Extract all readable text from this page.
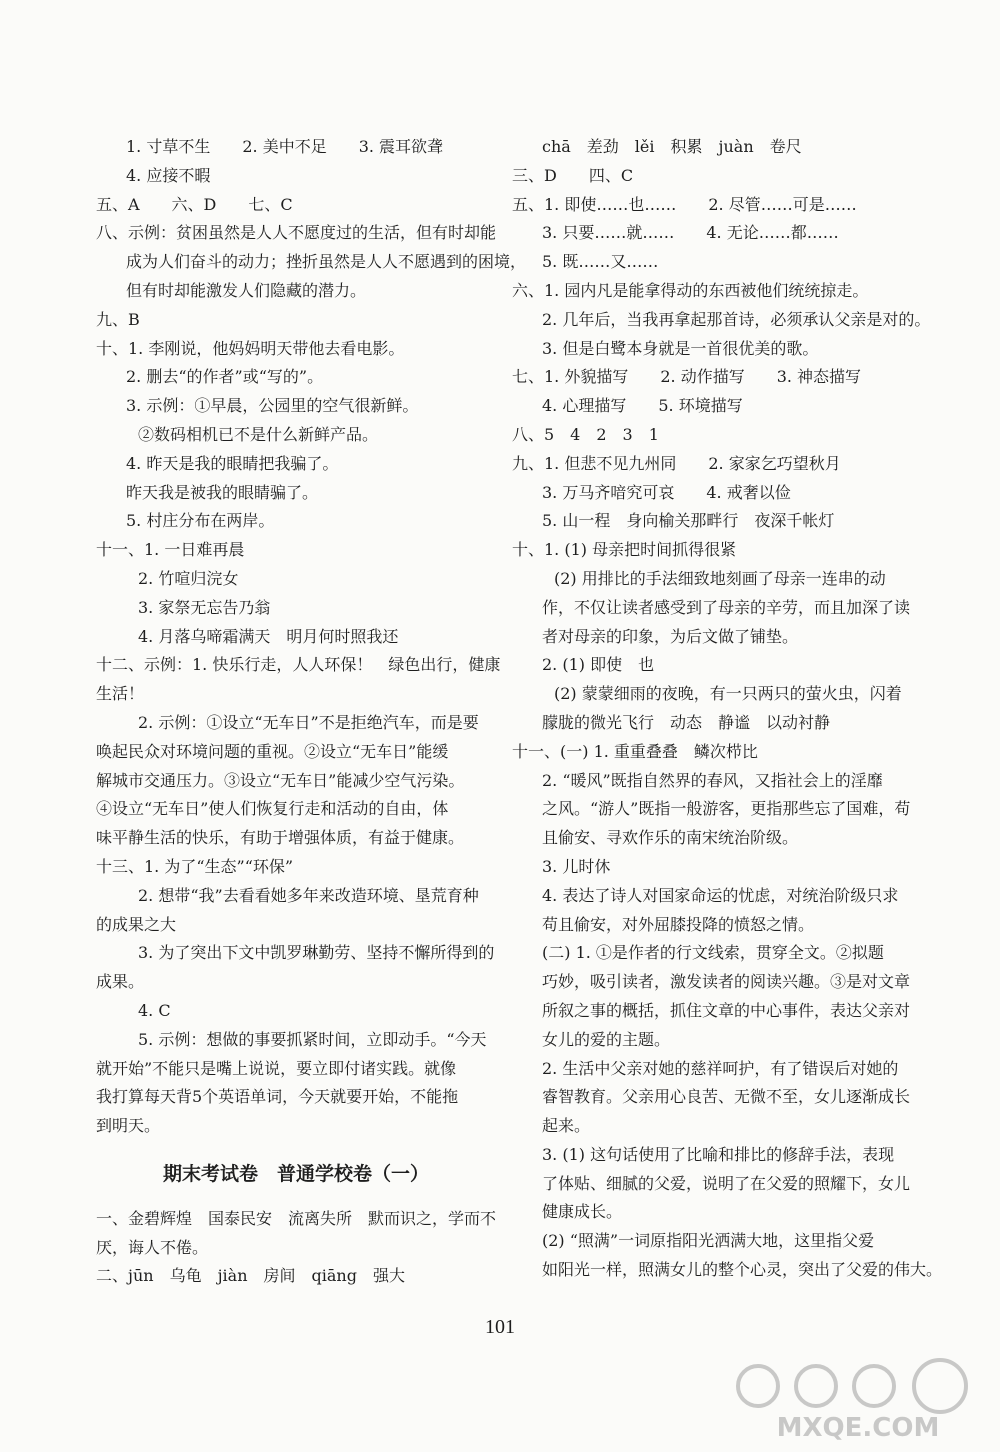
1. 寸草不生　　2. 美中不足　　3. 震耳欲聋
4. 应接不暇
五、A　　六、D　　七、C
八、示例：贫困虽然是人人不愿度过的生活，但有时却能
成为人们奋斗的动力；挫折虽然是人人不愿遇到的困境，
但有时却能激发人们隐藏的潜力。
九、B
十、1. 李刚说，他妈妈明天带他去看电影。
2. 删去“的作者”或“写的”。
3. 示例：①早晨，公园里的空气很新鲜。
②数码相机已不是什么新鲜产品。
4. 昨天是我的眼睛把我骗了。
昨天我是被我的眼睛骗了。
5. 村庄分布在两岸。
十一、1. 一日难再晨
2. 竹喧归浣女
3. 家祭无忘告乃翁
4. 月落乌啼霜满天　明月何时照我还
十二、示例：1. 快乐行走，人人环保！　绿色出行，健康
生活！
2. 示例：①设立“无车日”不是拒绝汽车，而是要
唤起民众对环境问题的重视。②设立“无车日”能缓
解城市交通压力。③设立“无车日”能减少空气污染。
④设立“无车日”使人们恢复行走和活动的自由，体
味平静生活的快乐，有助于增强体质，有益于健康。
十三、1. 为了“生态”“环保”
2. 想带“我”去看看她多年来改造环境、垦荒育种
的成果之大
3. 为了突出下文中凯罗琳勤劳、坚持不懈所得到的
成果。
4. C
5. 示例：想做的事要抓紧时间，立即动手。“今天
就开始”不能只是嘴上说说，要立即付诸实践。就像
我打算每天背5个英语单词，今天就要开始，不能拖
到明天。
期末考试卷　普通学校卷（一）
一、金碧辉煌　国泰民安　流离失所　默而识之，学而不
厌，诲人不倦。
二、jūn　乌龟　jiàn　房间　qiāng　强大
chā　差劲　lěi　积累　juàn　卷尺
三、D　　四、C
五、1. 即使……也……　　2. 尽管……可是……
3. 只要……就……　　4. 无论……都……
5. 既……又……
六、1. 园内凡是能拿得动的东西被他们统统掠走。
2. 几年后，当我再拿起那首诗，必须承认父亲是对的。
3. 但是白鹭本身就是一首很优美的歌。
七、1. 外貌描写　　2. 动作描写　　3. 神态描写
4. 心理描写　　5. 环境描写
八、5　4　2　3　1
九、1. 但悲不见九州同　　2. 家家乞巧望秋月
3. 万马齐喑究可哀　　4. 戒奢以俭
5. 山一程　身向榆关那畔行　夜深千帐灯
十、1. (1) 母亲把时间抓得很紧
(2) 用排比的手法细致地刻画了母亲一连串的动
作，不仅让读者感受到了母亲的辛劳，而且加深了读
者对母亲的印象，为后文做了铺垫。
2. (1) 即使　也
(2) 蒙蒙细雨的夜晚，有一只两只的萤火虫，闪着
朦胧的微光飞行　动态　静谧　以动衬静
十一、(一) 1. 重重叠叠　鳞次栉比
2. “暖风”既指自然界的春风，又指社会上的淫靡
之风。“游人”既指一般游客，更指那些忘了国难，苟
且偷安、寻欢作乐的南宋统治阶级。
3. 儿时休
4. 表达了诗人对国家命运的忧虑，对统治阶级只求
苟且偷安，对外屈膝投降的愤怒之情。
(二) 1. ①是作者的行文线索，贯穿全文。②拟题
巧妙，吸引读者，激发读者的阅读兴趣。③是对文章
所叙之事的概括，抓住文章的中心事件，表达父亲对
女儿的爱的主题。
2. 生活中父亲对她的慈祥呵护，有了错误后对她的
睿智教育。父亲用心良苦、无微不至，女儿逐渐成长
起来。
3. (1) 这句话使用了比喻和排比的修辞手法，表现
了体贴、细腻的父爱，说明了在父爱的照耀下，女儿
健康成长。
(2) “照满”一词原指阳光洒满大地，这里指父爱
如阳光一样，照满女儿的整个心灵，突出了父爱的伟大。
101
MXQE.COM
